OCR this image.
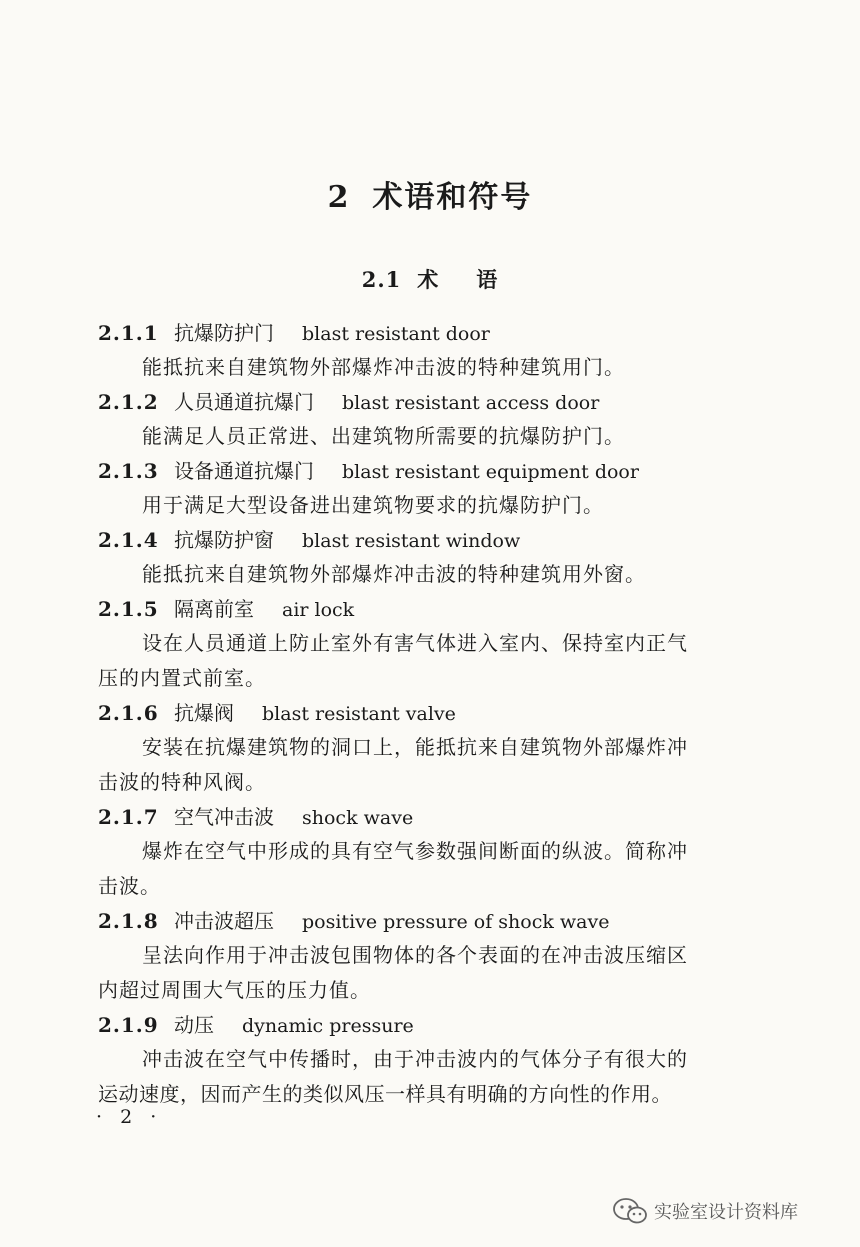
2 术语和符号
2.1 术语
2.1.1 抗爆防护门 blast resistant door
能抵抗来自建筑物外部爆炸冲击波的特种建筑用门。
2.1.2 人员通道抗爆门 blast resistant access door
能满足人员正常进、出建筑物所需要的抗爆防护门。
2.1.3 设备通道抗爆门 blast resistant equipment door
用于满足大型设备进出建筑物要求的抗爆防护门。
2.1.4 抗爆防护窗 blast resistant window
能抵抗来自建筑物外部爆炸冲击波的特种建筑用外窗。
2.1.5 隔离前室 air lock
设在人员通道上防止室外有害气体进入室内、保持室内正气
压的内置式前室。
2.1.6 抗爆阀 blast resistant valve
安装在抗爆建筑物的洞口上，能抵抗来自建筑物外部爆炸冲
击波的特种风阀。
2.1.7 空气冲击波 shock wave
爆炸在空气中形成的具有空气参数强间断面的纵波。简称冲
击波。
2.1.8 冲击波超压 positive pressure of shock wave
呈法向作用于冲击波包围物体的各个表面的在冲击波压缩区
内超过周围大气压的压力值。
2.1.9 动压 dynamic pressure
冲击波在空气中传播时，由于冲击波内的气体分子有很大的
运动速度，因而产生的类似风压一样具有明确的方向性的作用。
· 2 ·
实验室设计资料库
